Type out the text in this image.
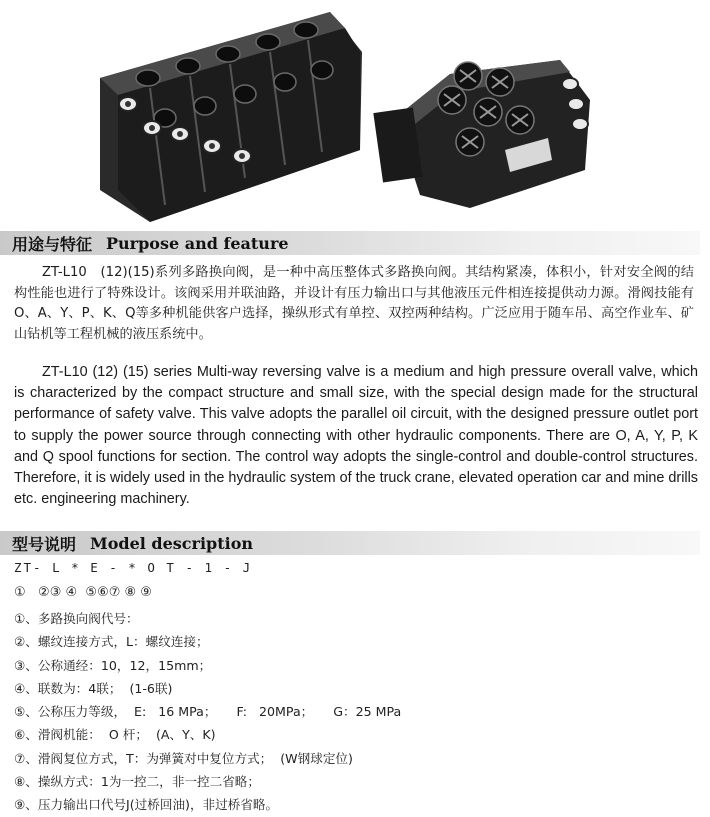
用途与特征 Purpose and feature

ZT-L10　(12)(15)系列多路换向阀，是一种中高压整体式多路换向阀。其结构紧凑，体积小，针对安全阀的结构性能也进行了特殊设计。该阀采用并联油路，并设计有压力输出口与其他液压元件相连接提供动力源。滑阀技能有O、A、Y、P、K、Q等多种机能供客户选择，操纵形式有单控、双控两种结构。广泛应用于随车吊、高空作业车、矿山钻机等工程机械的液压系统中。

ZT-L10 (12) (15) series Multi-way reversing valve is a medium and high pressure overall valve, which is characterized by the compact structure and small size, with the special design made for the structural performance of safety valve. This valve adopts the parallel oil circuit, with the designed pressure outlet port to supply the power source through connecting with other hydraulic components. There are O, A, Y, P, K and Q spool functions for section. The control way adopts the single-control and double-control structures. Therefore, it is widely used in the hydraulic system of the truck crane, elevated operation car and mine drills etc. engineering machinery.

型号说明 Model description
ZT- L * E - * O T - 1 - J
①   ②③ ④  ⑤⑥⑦ ⑧ ⑨
①、多路换向阀代号：
②、螺纹连接方式，L：螺纹连接；
③、公称通经：10，12，15mm；
④、联数为：4联；  (1-6联)
⑤、公称压力等级，  E:   16 MPa；     F:   20MPa；     G：25 MPa
⑥、滑阀机能：  O 杆；  (A、Y、K)
⑦、滑阀复位方式，T：为弹簧对中复位方式；  (W钢球定位)
⑧、操纵方式：1为一控二，非一控二省略；
⑨、压力输出口代号J(过桥回油)，非过桥省略。
